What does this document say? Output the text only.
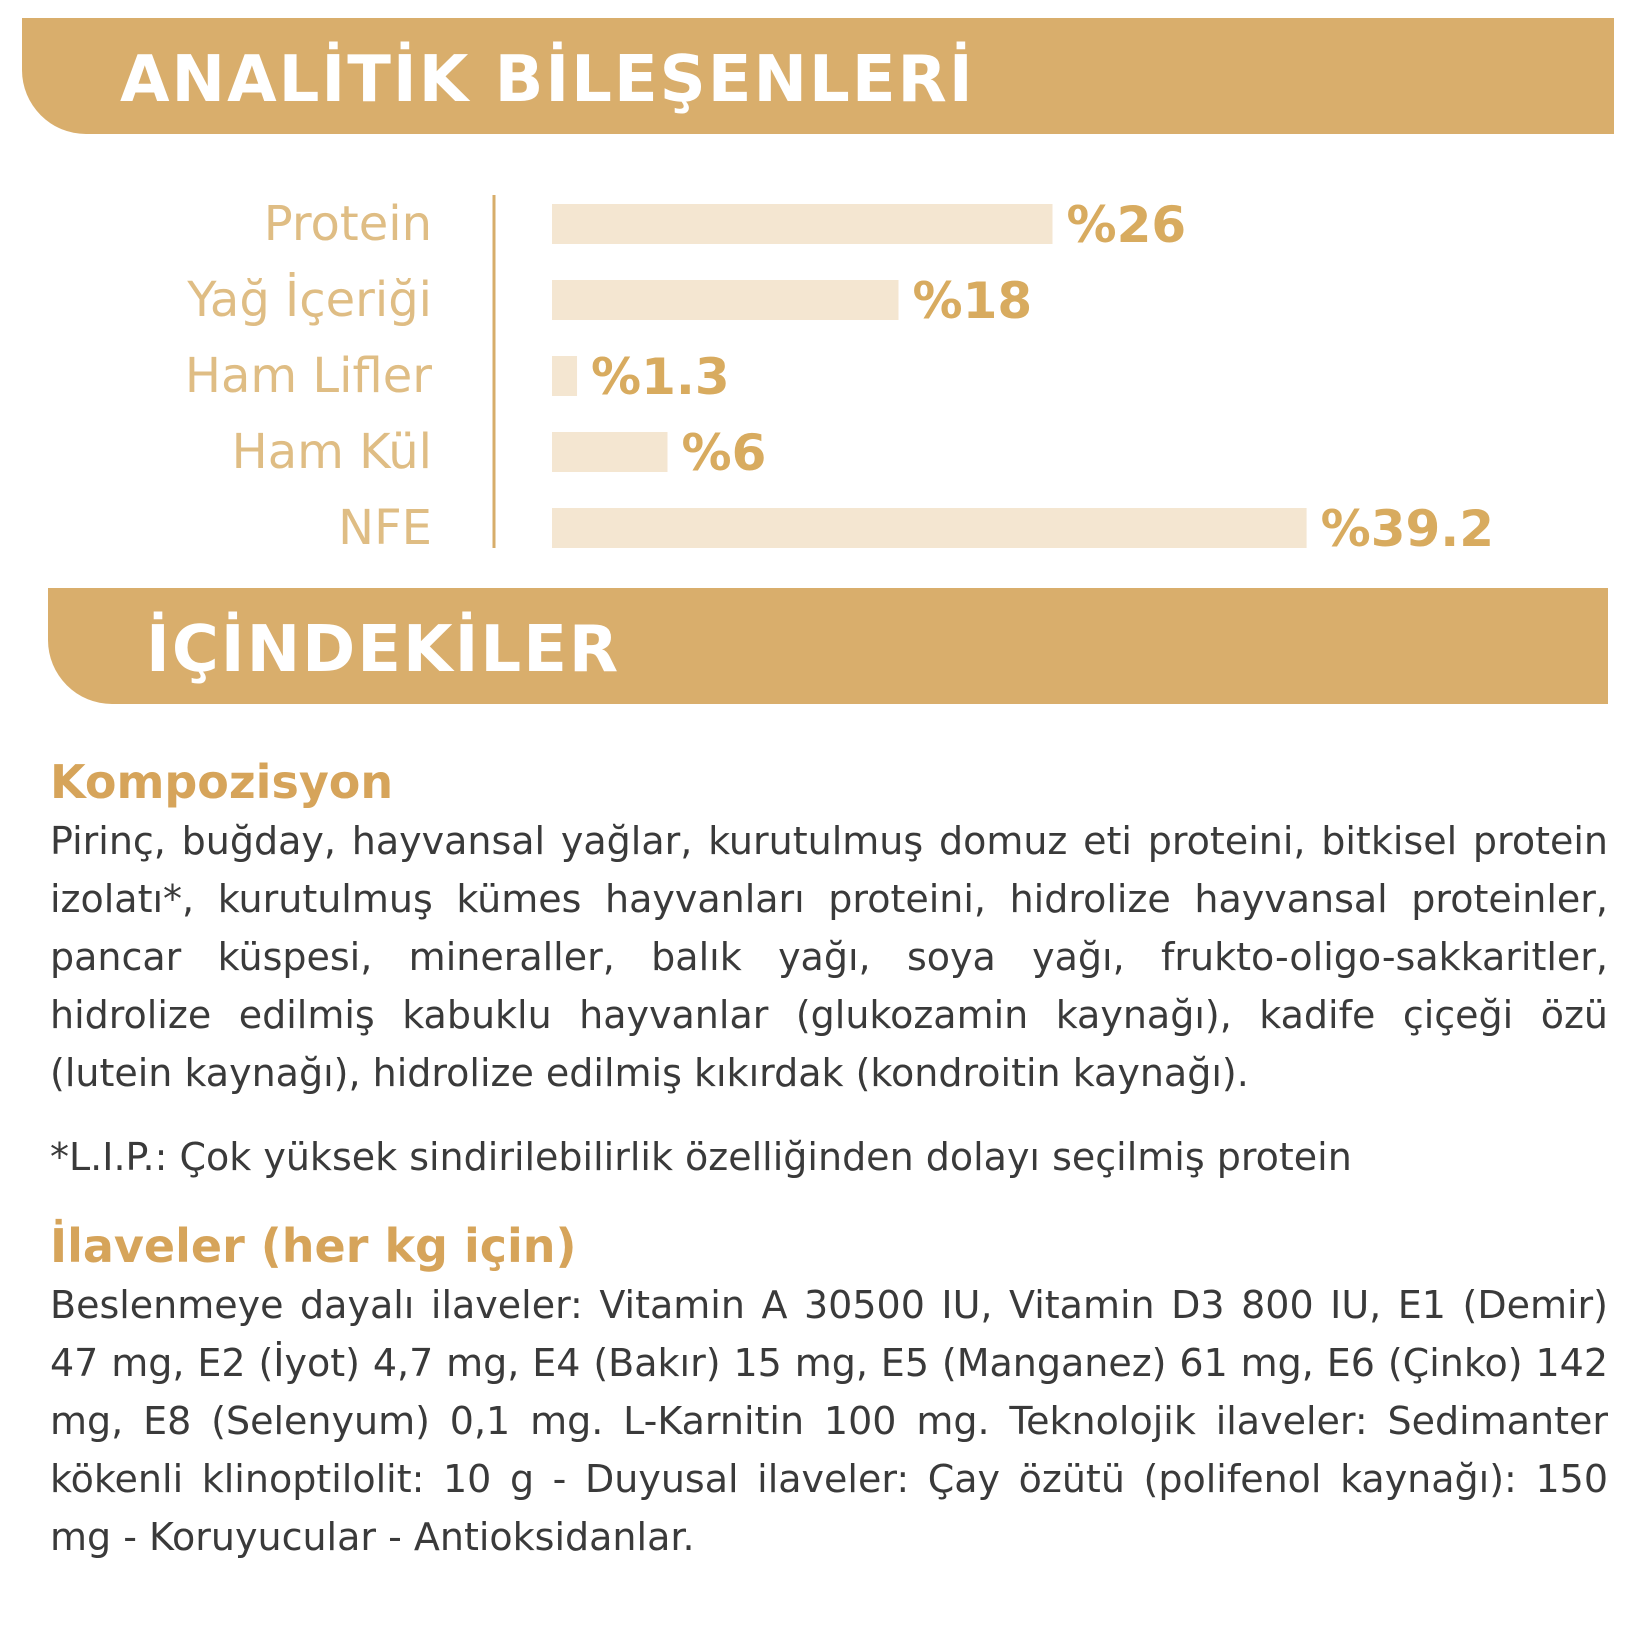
ANALİTİK BİLEŞENLERİ
Protein	%26
Yağ İçeriği	%18
Ham Lifler	%1.3
Ham Kül	%6
NFE	%39.2
İÇİNDEKİLER
Kompozisyon

Pirinç, buğday, hayvansal yağlar, kurutulmuş domuz eti proteini, bitkisel protein izolatı*, kurutulmuş kümes hayvanları proteini, hidrolize hayvansal proteinler, pancar küspesi, mineraller, balık yağı, soya yağı, frukto-oligo-sakkaritler, hidrolize edilmiş kabuklu hayvanlar (glukozamin kaynağı), kadife çiçeği özü (lutein kaynağı), hidrolize edilmiş kıkırdak (kondroitin kaynağı).

*L.I.P.: Çok yüksek sindirilebilirlik özelliğinden dolayı seçilmiş protein

İlaveler (her kg için)

Beslenmeye dayalı ilaveler: Vitamin A 30500 IU, Vitamin D3 800 IU, E1 (Demir) 47 mg, E2 (İyot) 4,7 mg, E4 (Bakır) 15 mg, E5 (Manganez) 61 mg, E6 (Çinko) 142 mg, E8 (Selenyum) 0,1 mg. L-Karnitin 100 mg. Teknolojik ilaveler: Sedimanter kökenli klinoptilolit: 10 g - Duyusal ilaveler: Çay özütü (polifenol kaynağı): 150 mg - Koruyucular - Antioksidanlar.
